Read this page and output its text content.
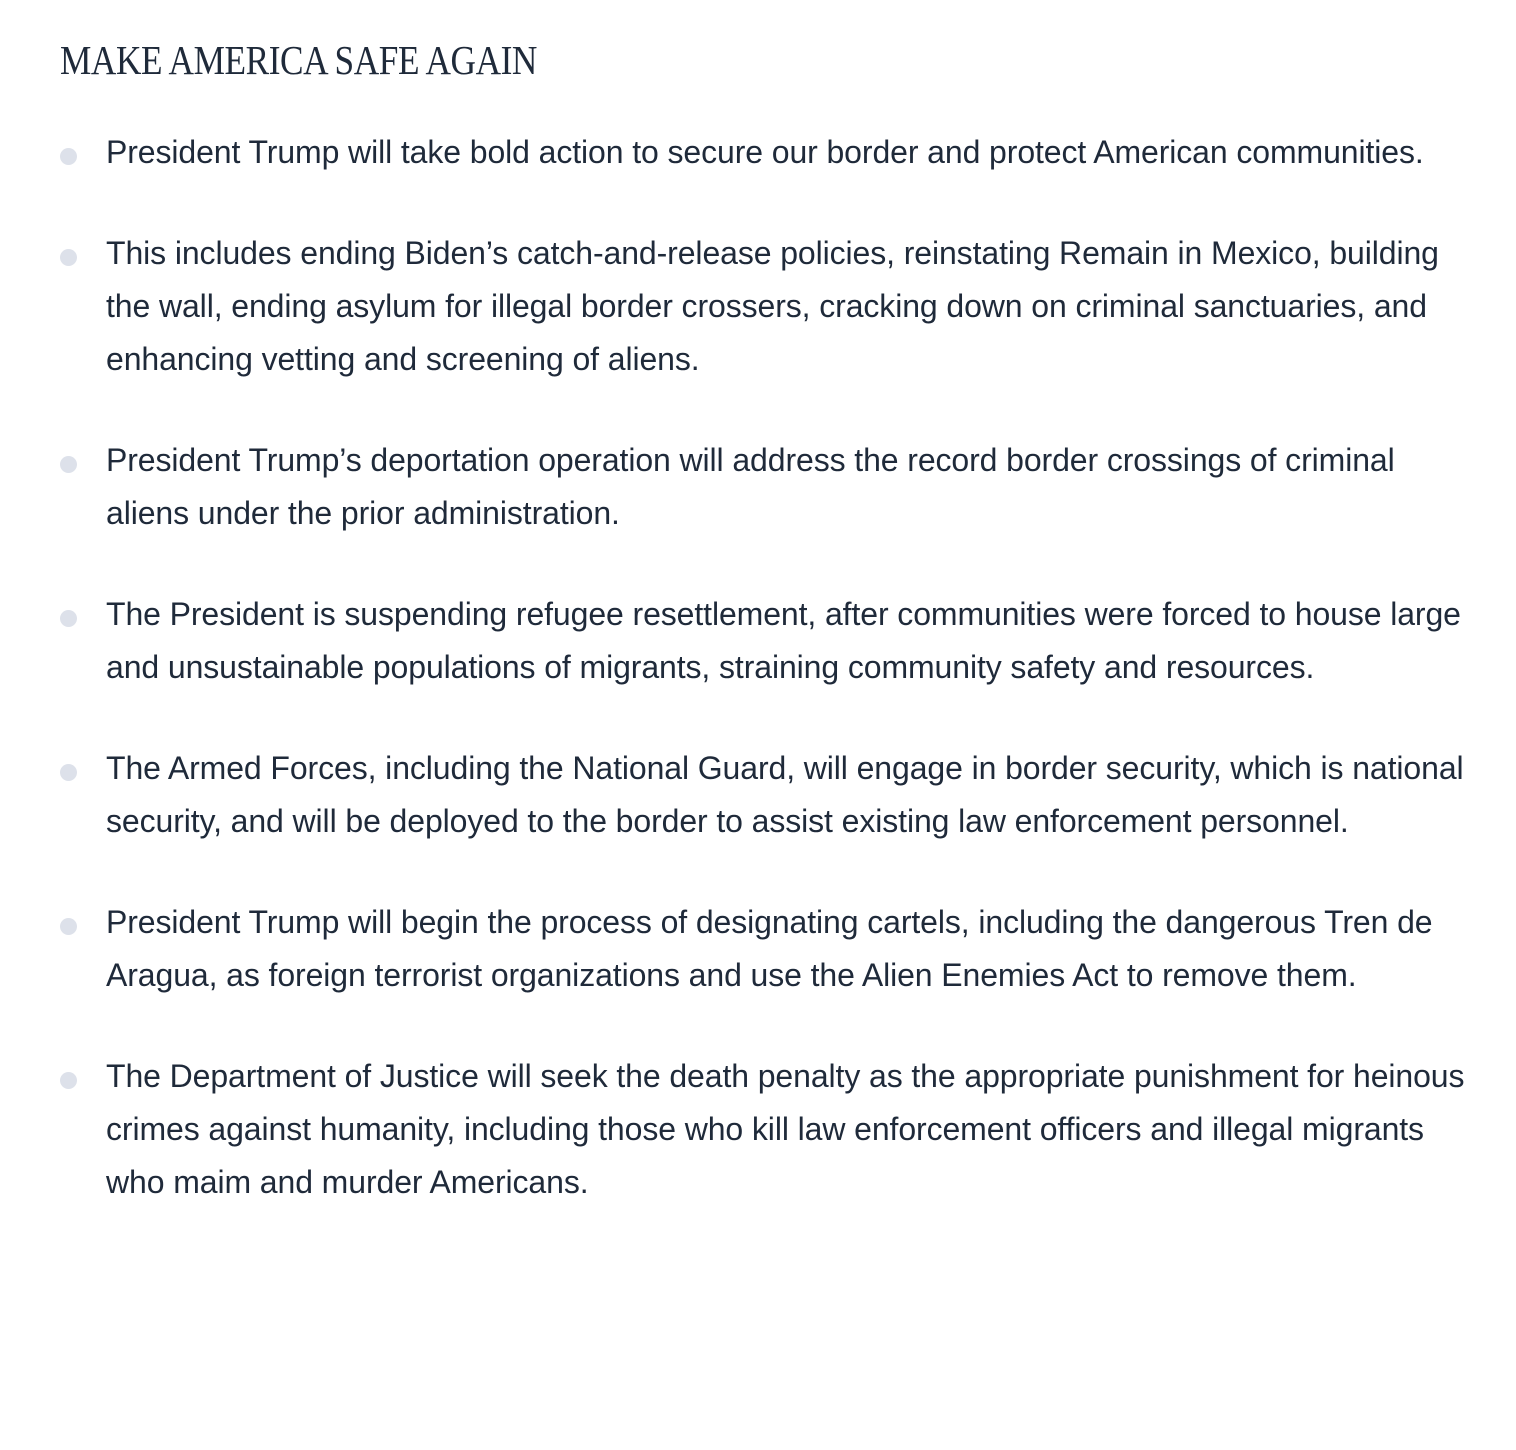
MAKE AMERICA SAFE AGAIN
President Trump will take bold action to secure our border and protect American communities.
This includes ending Biden’s catch-and-release policies, reinstating Remain in Mexico, building the wall, ending asylum for illegal border crossers, cracking down on criminal sanctuaries, and enhancing vetting and screening of aliens.
President Trump’s deportation operation will address the record border crossings of criminal aliens under the prior administration.
The President is suspending refugee resettlement, after communities were forced to house large and unsustainable populations of migrants, straining community safety and resources.
The Armed Forces, including the National Guard, will engage in border security, which is national security, and will be deployed to the border to assist existing law enforcement personnel.
President Trump will begin the process of designating cartels, including the dangerous Tren de Aragua, as foreign terrorist organizations and use the Alien Enemies Act to remove them.
The Department of Justice will seek the death penalty as the appropriate punishment for heinous crimes against humanity, including those who kill law enforcement officers and illegal migrants who maim and murder Americans.
